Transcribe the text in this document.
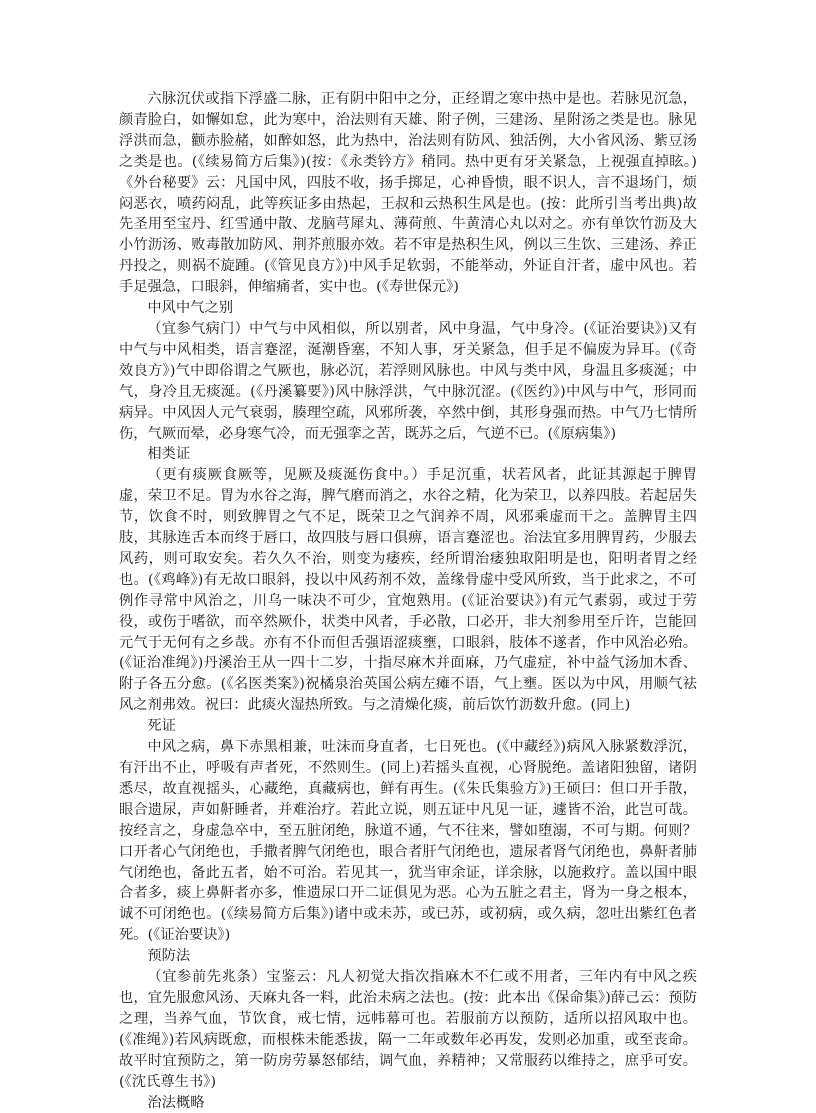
六脉沉伏或指下浮盛二脉，正有阴中阳中之分，正经谓之寒中热中是也。若脉见沉急，颜青脸白，如懈如怠，此为寒中，治法则有天雄、附子例，三建汤、星附汤之类是也。脉见浮洪而急，颧赤脸赭，如醉如怒，此为热中，治法则有防风、独活例，大小省风汤、紫豆汤之类是也。(《续易简方后集》)(按：《永类钤方》稍同。热中更有牙关紧急，上视强直掉眩。)《外台秘要》云：凡国中风，四肢不收，扬手掷足，心神昏愦，眼不识人，言不退场门，烦闷恶衣，喷药闷乱，此等疾证多由热起，王叔和云热积生风是也。(按：此所引当考出典)故先圣用至宝丹、红雪通中散、龙脑芎犀丸、薄荷煎、牛黄清心丸以对之。亦有单饮竹沥及大小竹沥汤、败毒散加防风、荆芥煎服亦效。若不审是热积生风，例以三生饮、三建汤、养正丹投之，则祸不旋踵。(《管见良方》)中风手足软弱，不能举动，外证自汗者，虚中风也。若手足强急，口眼斜，伸缩痛者，实中也。(《寿世保元》)

中风中气之别

（宜参气病门）中气与中风相似，所以别者，风中身温，气中身冷。(《证治要诀》)又有中气与中风相类，语言蹇涩，涎潮昏塞，不知人事，牙关紧急，但手足不偏废为异耳。(《奇效良方》)气中即俗谓之气厥也，脉必沉，若浮则风脉也。中风与类中风，身温且多痰涎；中气，身冷且无痰涎。(《丹溪纂要》)风中脉浮洪，气中脉沉涩。(《医约》)中风与中气，形同而病异。中风因人元气衰弱，腠理空疏，风邪所袭，卒然中倒，其形身强而热。中气乃七情所伤，气厥而晕，必身寒气冷，而无强挛之苦，既苏之后，气逆不已。(《原病集》)

相类证

（更有痰厥食厥等，见厥及痰涎伤食中。）手足沉重，状若风者，此证其源起于脾胃虚，荣卫不足。胃为水谷之海，脾气磨而消之，水谷之精，化为荣卫，以养四肢。若起居失节，饮食不时，则致脾胃之气不足，既荣卫之气润养不周，风邪乘虚而干之。盖脾胃主四肢，其脉连舌本而终于唇口，故四肢与唇口俱痹，语言蹇涩也。治法宜多用脾胃药，少服去风药，则可取安矣。若久久不治，则变为痿疾，经所谓治痿独取阳明是也，阳明者胃之经也。(《鸡峰》)有无故口眼斜，投以中风药剂不效，盖缘骨虚中受风所致，当于此求之，不可例作寻常中风治之，川乌一味决不可少，宜炮熟用。(《证治要诀》)有元气素弱，或过于劳役，或伤于嗜欲，而卒然厥仆，状类中风者，手必散，口必开，非大剂参用至斤许，岂能回元气于无何有之乡哉。亦有不仆而但舌强语涩痰壅，口眼斜，肢体不遂者，作中风治必殆。(《证治准绳》)丹溪治王从一四十二岁，十指尽麻木并面麻，乃气虚症，补中益气汤加木香、附子各五分愈。(《名医类案》)祝橘泉治英国公病左瘫不语，气上壅。医以为中风，用顺气祛风之剂弗效。祝曰：此痰火湿热所致。与之清燥化痰，前后饮竹沥数升愈。(同上)

死证

中风之病，鼻下赤黑相兼，吐沫而身直者，七日死也。(《中藏经》)病风入脉紧数浮沉，有汗出不止，呼吸有声者死，不然则生。(同上)若摇头直视，心肾脱绝。盖诸阳独留，诸阴悉尽，故直视摇头，心藏绝，真藏病也，鲜有再生。(《朱氏集验方》)王硕曰：但口开手散，眼合遗尿，声如鼾睡者，并难治疗。若此立说，则五证中凡见一证，遽皆不治，此岂可哉。按经言之，身虚急卒中，至五脏闭绝，脉道不通，气不往来，譬如堕溺，不可与期。何则？口开者心气闭绝也，手撒者脾气闭绝也，眼合者肝气闭绝也，遗尿者肾气闭绝也，鼻鼾者肺气闭绝也，备此五者，始不可治。若见其一，犹当审余证，详余脉，以施救疗。盖以国中眼合者多，痰上鼻鼾者亦多，惟遗尿口开二证俱见为恶。心为五脏之君主，肾为一身之根本，诚不可闭绝也。(《续易简方后集》)诸中或未苏，或已苏，或初病，或久病，忽吐出紫红色者死。(《证治要诀》)

预防法

（宜参前先兆条）宝鉴云：凡人初觉大指次指麻木不仁或不用者，三年内有中风之疾也，宜先服愈风汤、天麻丸各一料，此治未病之法也。(按：此本出《保命集》)薛己云：预防之理，当养气血，节饮食，戒七情，远帏幕可也。若服前方以预防，适所以招风取中也。(《准绳》)若风病既愈，而根株未能悉拔，隔一二年或数年必再发，发则必加重，或至丧命。故平时宜预防之，第一防房劳暴怒郁结，调气血，养精神；又常服药以维持之，庶乎可安。(《沈氏尊生书》)

治法概略
